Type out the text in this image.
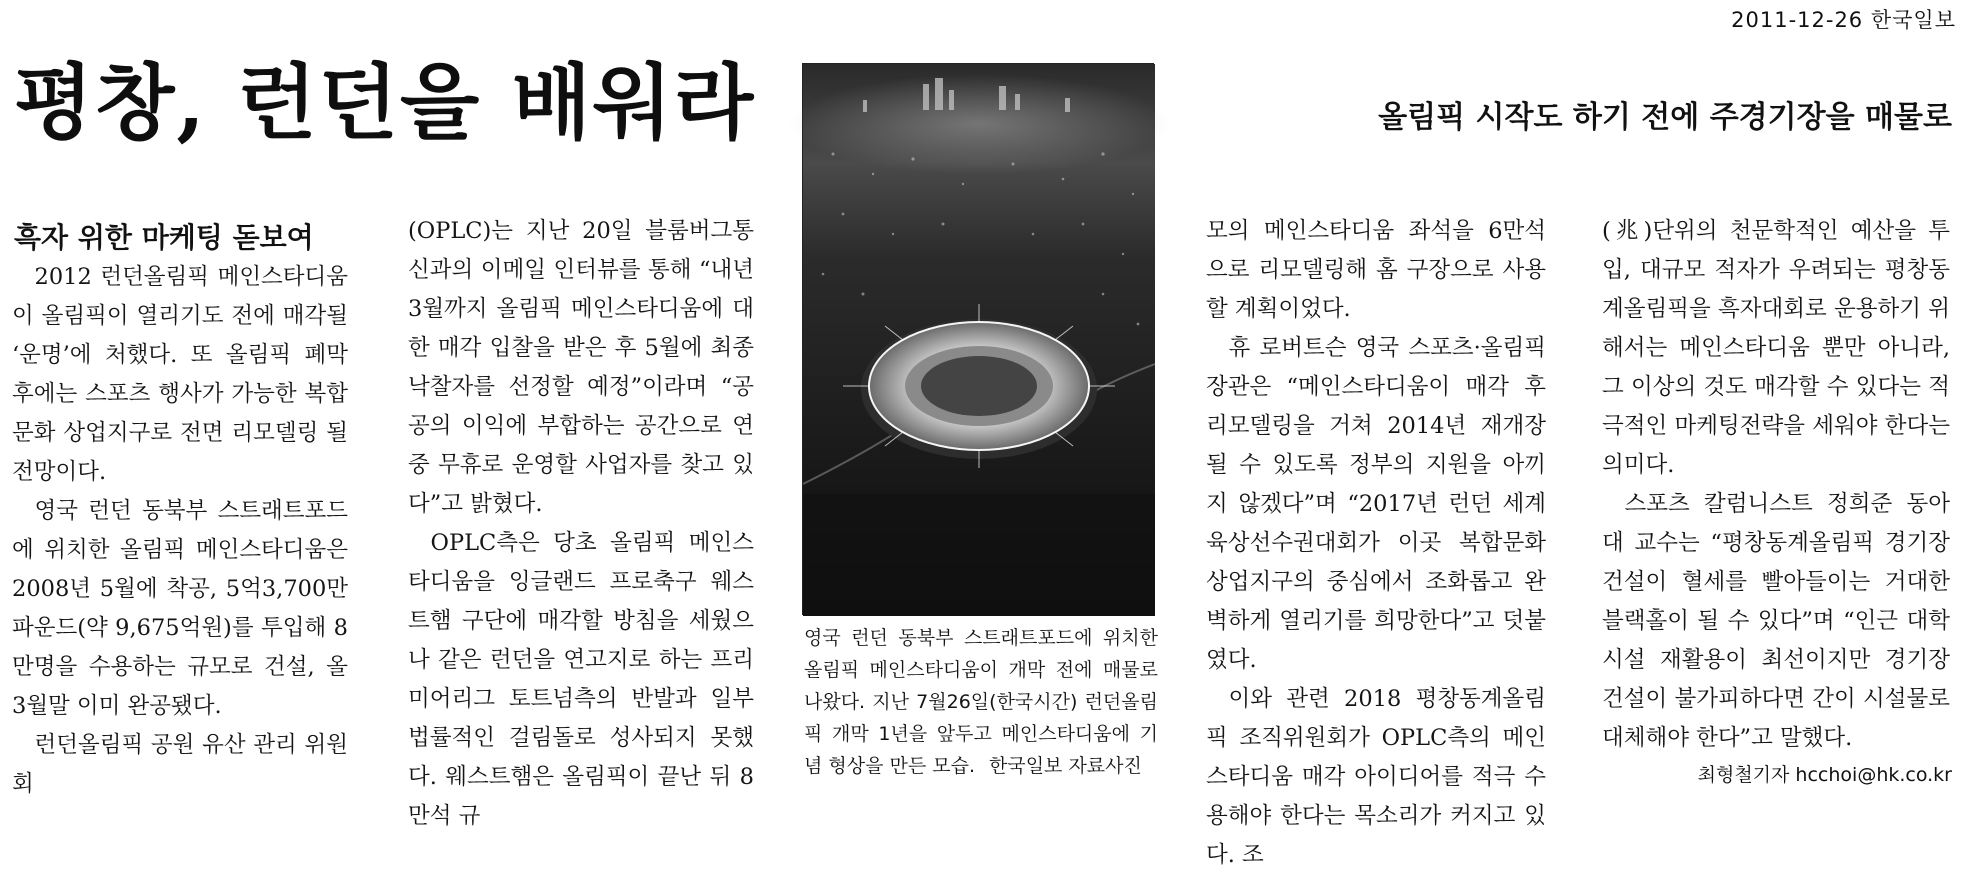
2011-12-26 한국일보
평창, 런던을 배워라	올림픽 시작도 하기 전에 주경기장을 매물로
흑자 위한 마케팅 돋보여

2012 런던올림픽 메인스타디움이 올림픽이 열리기도 전에 매각될 ‘운명’에 처했다. 또 올림픽 폐막 후에는 스포츠 행사가 가능한 복합 문화 상업지구로 전면 리모델링 될 전망이다.

영국 런던 동북부 스트래트포드에 위치한 올림픽 메인스타디움은 2008년 5월에 착공, 5억3,700만파운드(약 9,675억원)를 투입해 8만명을 수용하는 규모로 건설, 올 3월말 이미 완공됐다.

런던올림픽 공원 유산 관리 위원회

(OPLC)는 지난 20일 블룸버그통신과의 이메일 인터뷰를 통해 “내년 3월까지 올림픽 메인스타디움에 대한 매각 입찰을 받은 후 5월에 최종 낙찰자를 선정할 예정”이라며 “공공의 이익에 부합하는 공간으로 연중 무휴로 운영할 사업자를 찾고 있다”고 밝혔다.

OPLC측은 당초 올림픽 메인스타디움을 잉글랜드 프로축구 웨스트햄 구단에 매각할 방침을 세웠으나 같은 런던을 연고지로 하는 프리미어리그 토트넘측의 반발과 일부 법률적인 걸림돌로 성사되지 못했다. 웨스트햄은 올림픽이 끝난 뒤 8만석 규

영국 런던 동북부 스트래트포드에 위치한 올림픽 메인스타디움이 개막 전에 매물로 나왔다. 지난 7월26일(한국시간) 런던올림픽 개막 1년을 앞두고 메인스타디움에 기념 형상을 만든 모습. 한국일보 자료사진

모의 메인스타디움 좌석을 6만석으로 리모델링해 홈 구장으로 사용할 계획이었다.

휴 로버트슨 영국 스포츠·올림픽 장관은 “메인스타디움이 매각 후 리모델링을 거쳐 2014년 재개장 될 수 있도록 정부의 지원을 아끼지 않겠다”며 “2017년 런던 세계육상선수권대회가 이곳 복합문화상업지구의 중심에서 조화롭고 완벽하게 열리기를 희망한다”고 덧붙였다.

이와 관련 2018 평창동계올림픽 조직위원회가 OPLC측의 메인스타디움 매각 아이디어를 적극 수용해야 한다는 목소리가 커지고 있다. 조

(兆)단위의 천문학적인 예산을 투입, 대규모 적자가 우려되는 평창동계올림픽을 흑자대회로 운용하기 위해서는 메인스타디움 뿐만 아니라, 그 이상의 것도 매각할 수 있다는 적극적인 마케팅전략을 세워야 한다는 의미다.

스포츠 칼럼니스트 정희준 동아대 교수는 “평창동계올림픽 경기장 건설이 혈세를 빨아들이는 거대한 블랙홀이 될 수 있다”며 “인근 대학 시설 재활용이 최선이지만 경기장 건설이 불가피하다면 간이 시설물로 대체해야 한다”고 말했다.

최형철기자 hcchoi@hk.co.kr
